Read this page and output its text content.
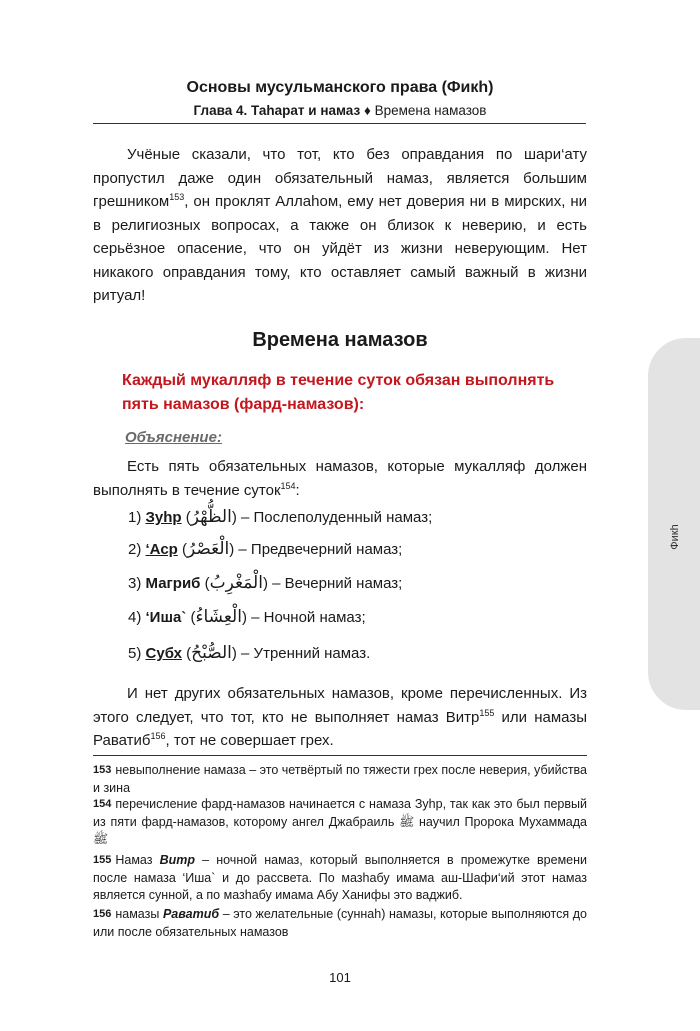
Основы мусульманского права (Фикh)
Глава 4. Таhарат и намаз ♦ Времена намазов
Фикh
Учёные сказали, что тот, кто без оправдания по шари‘ату пропустил даже один обязательный намаз, является большим грешником$^{153}$, он проклят Аллаhом, ему нет доверия ни в мирских, ни в религиозных вопросах, а также он близок к неверию, и есть серьёзное опасение, что он уйдёт из жизни неверующим. Нет никакого оправдания тому, кто оставляет самый важный в жизни ритуал!
Времена намазов
Каждый мукалляф в течение суток обязан выполнять пять намазов (фард-намазов):
Объяснение:
Есть пять обязательных намазов, которые мукалляф должен выполнять в течение суток$^{154}$:
1) Зуhр (الظُّهْرُ) – Послеполуденный намаз;
2) ‘Аср (الْعَصْرُ) – Предвечерний намаз;
3) Магриб (الْمَغْرِبُ) – Вечерний намаз;
4) ‘Иша` (الْعِشَاءُ) – Ночной намаз;
5) Субх (الصُّبْحُ) – Утренний намаз.
И нет других обязательных намазов, кроме перечисленных. Из этого следует, что тот, кто не выполняет намаз Витр$^{155}$ или намазы Раватиб$^{156}$, тот не совершает грех.
153 невыполнение намаза – это четвёртый по тяжести грех после неверия, убийства и зина
154 перечисление фард-намазов начинается с намаза Зуhр, так как это был первый из пяти фард-намазов, которому ангел Джабраиль ﷺ научил Пророка Мухаммада ﷺ
155 Намаз Витр – ночной намаз, который выполняется в промежутке времени после намаза ‘Иша` и до рассвета. По мазhабу имама аш-Шафи‘ий этот намаз является сунной, а по мазhабу имама Абу Ханифы это ваджиб.
156 намазы Раватиб – это желательные (суннаh) намазы, которые выполняются до или после обязательных намазов
101
